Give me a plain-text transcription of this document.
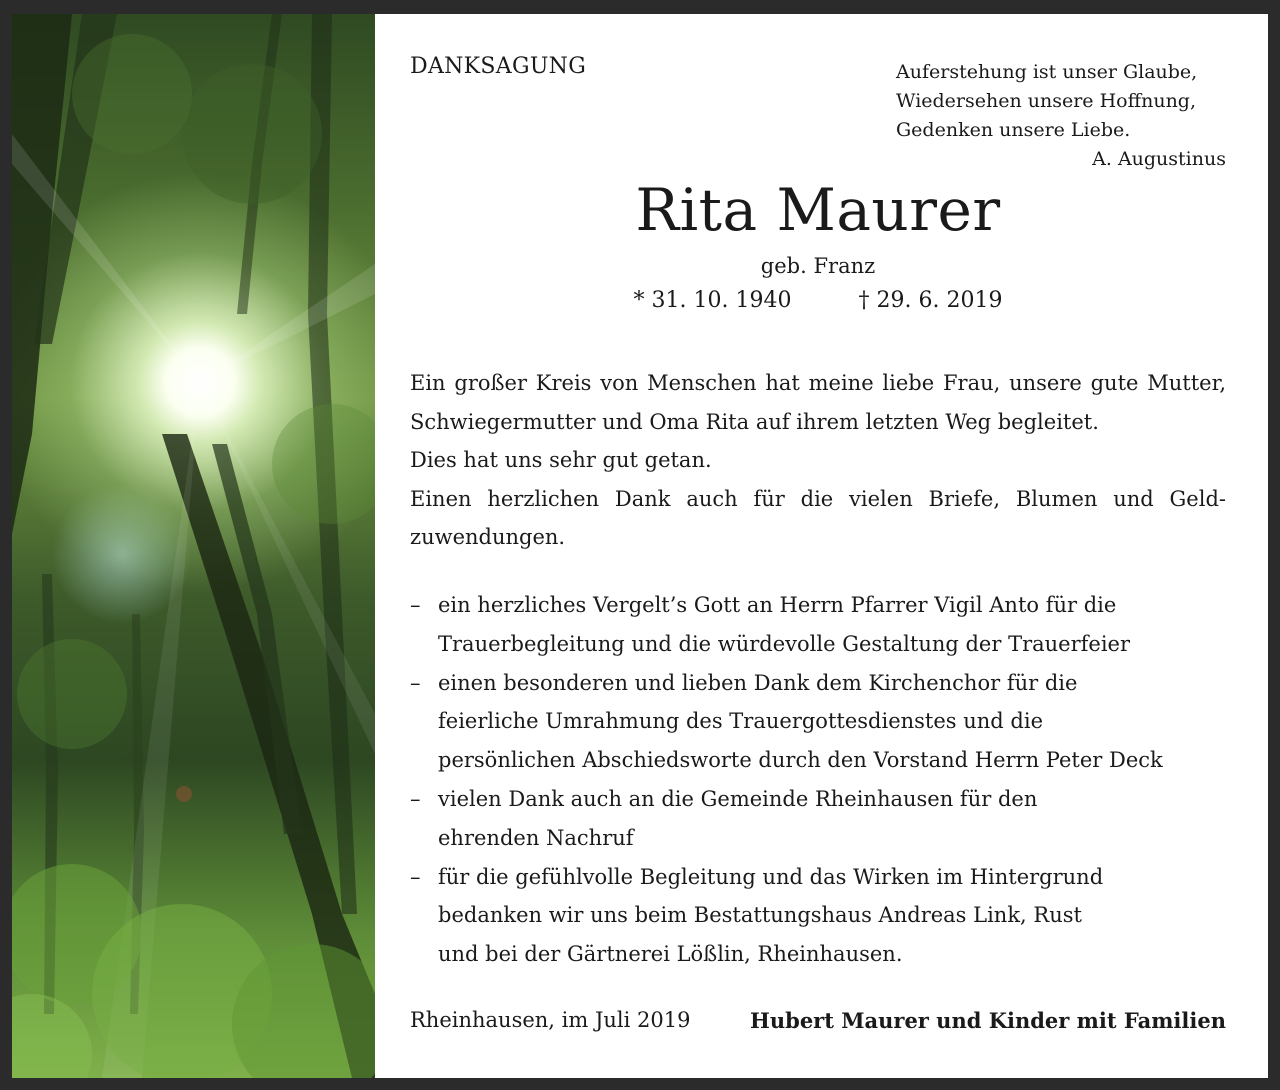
DANKSAGUNG	Auferstehung ist unser Glaube,
Wiedersehen unsere Hoffnung,
Gedenken unsere Liebe.
A. Augustinus
Rita Maurer
geb. Franz
* 31. 10. 1940	† 29. 6. 2019

Ein großer Kreis von Menschen hat meine liebe Frau, unsere gute Mutter,

Schwiegermutter und Oma Rita auf ihrem letzten Weg begleitet.

Dies hat uns sehr gut getan.

Einen herzlichen Dank auch für die vielen Briefe, Blumen und Geld-

zuwendungen.

– ein herzliches Vergelt’s Gott an Herrn Pfarrer Vigil Anto für die
Trauerbegleitung und die würdevolle Gestaltung der Trauerfeier
– einen besonderen und lieben Dank dem Kirchenchor für die
feierliche Umrahmung des Trauergottesdienstes und die
persönlichen Abschiedsworte durch den Vorstand Herrn Peter Deck
– vielen Dank auch an die Gemeinde Rheinhausen für den
ehrenden Nachruf
– für die gefühlvolle Begleitung und das Wirken im Hintergrund
bedanken wir uns beim Bestattungshaus Andreas Link, Rust
und bei der Gärtnerei Lößlin, Rheinhausen.
Rheinhausen, im Juli 2019	Hubert Maurer und Kinder mit Familien
